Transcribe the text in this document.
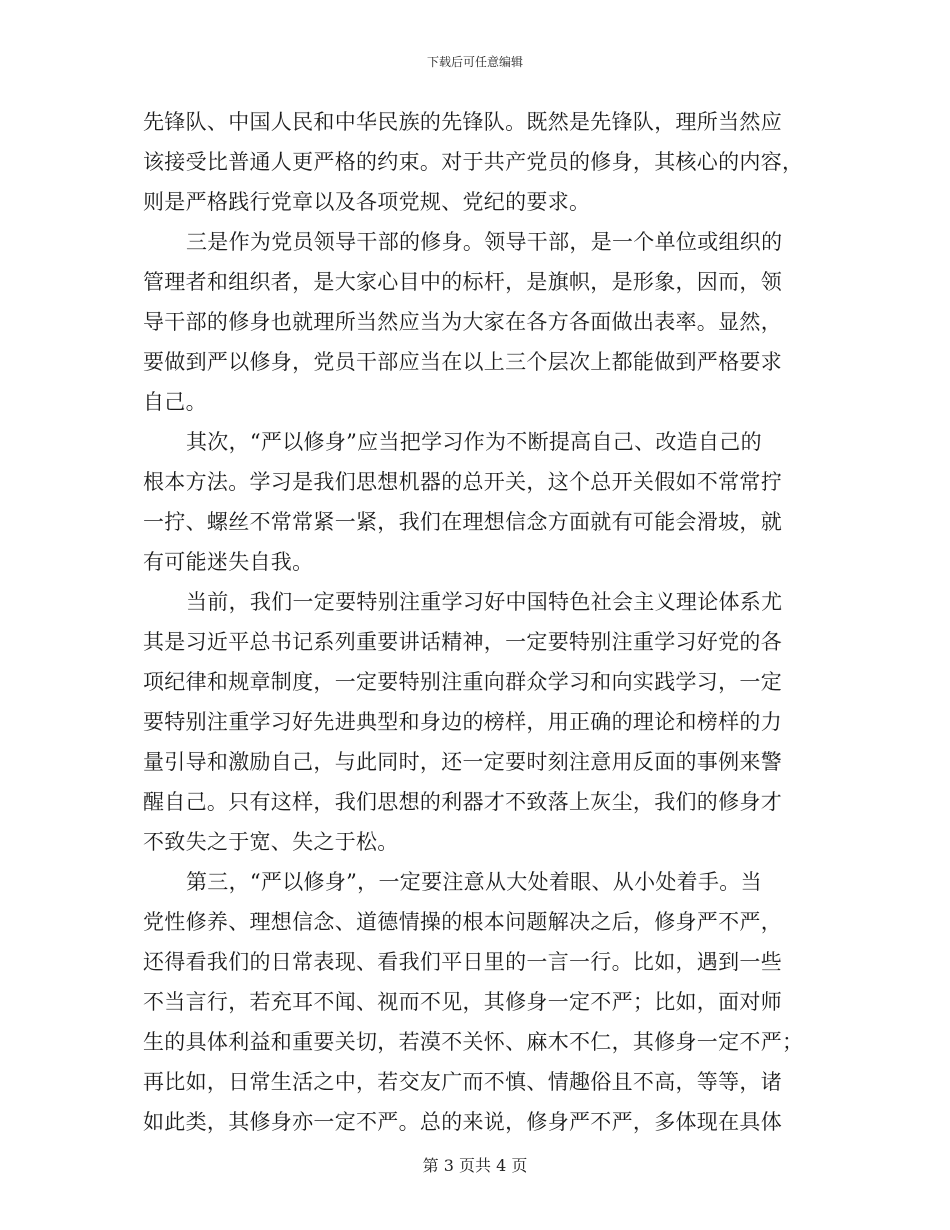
下载后可任意编辑
先锋队、中国人民和中华民族的先锋队。既然是先锋队，理所当然应
该接受比普通人更严格的约束。对于共产党员的修身，其核心的内容，
则是严格践行党章以及各项党规、党纪的要求。
三是作为党员领导干部的修身。领导干部，是一个单位或组织的
管理者和组织者，是大家心目中的标杆，是旗帜，是形象，因而，领
导干部的修身也就理所当然应当为大家在各方各面做出表率。显然，
要做到严以修身，党员干部应当在以上三个层次上都能做到严格要求
自己。
其次，“严以修身”应当把学习作为不断提高自己、改造自己的
根本方法。学习是我们思想机器的总开关，这个总开关假如不常常拧
一拧、螺丝不常常紧一紧，我们在理想信念方面就有可能会滑坡，就
有可能迷失自我。
当前，我们一定要特别注重学习好中国特色社会主义理论体系尤
其是习近平总书记系列重要讲话精神，一定要特别注重学习好党的各
项纪律和规章制度，一定要特别注重向群众学习和向实践学习，一定
要特别注重学习好先进典型和身边的榜样，用正确的理论和榜样的力
量引导和激励自己，与此同时，还一定要时刻注意用反面的事例来警
醒自己。只有这样，我们思想的利器才不致落上灰尘，我们的修身才
不致失之于宽、失之于松。
第三，“严以修身”，一定要注意从大处着眼、从小处着手。当
党性修养、理想信念、道德情操的根本问题解决之后，修身严不严，
还得看我们的日常表现、看我们平日里的一言一行。比如，遇到一些
不当言行，若充耳不闻、视而不见，其修身一定不严；比如，面对师
生的具体利益和重要关切，若漠不关怀、麻木不仁，其修身一定不严；
再比如，日常生活之中，若交友广而不慎、情趣俗且不高，等等，诸
如此类，其修身亦一定不严。总的来说，修身严不严，多体现在具体
第 3 页共 4 页
